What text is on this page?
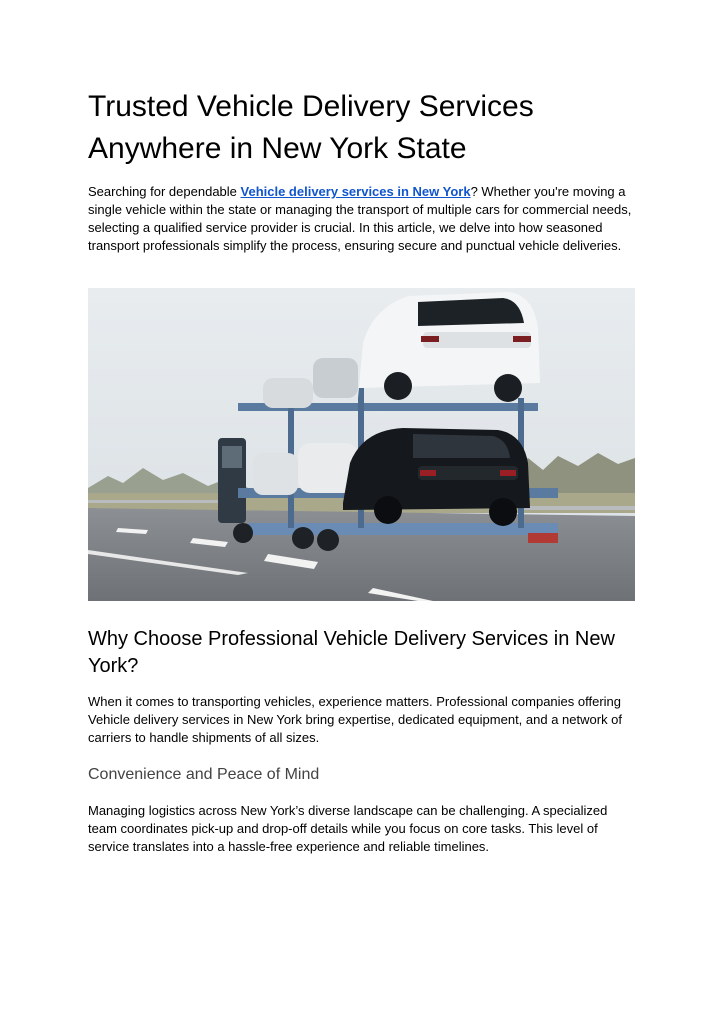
Trusted Vehicle Delivery Services Anywhere in New York State

Searching for dependable Vehicle delivery services in New York? Whether you're moving a single vehicle within the state or managing the transport of multiple cars for commercial needs, selecting a qualified service provider is crucial. In this article, we delve into how seasoned transport professionals simplify the process, ensuring secure and punctual vehicle deliveries.

Why Choose Professional Vehicle Delivery Services in New York?

When it comes to transporting vehicles, experience matters. Professional companies offering Vehicle delivery services in New York bring expertise, dedicated equipment, and a network of carriers to handle shipments of all sizes.

Convenience and Peace of Mind

Managing logistics across New York’s diverse landscape can be challenging. A specialized team coordinates pick-up and drop-off details while you focus on core tasks. This level of service translates into a hassle-free experience and reliable timelines.
